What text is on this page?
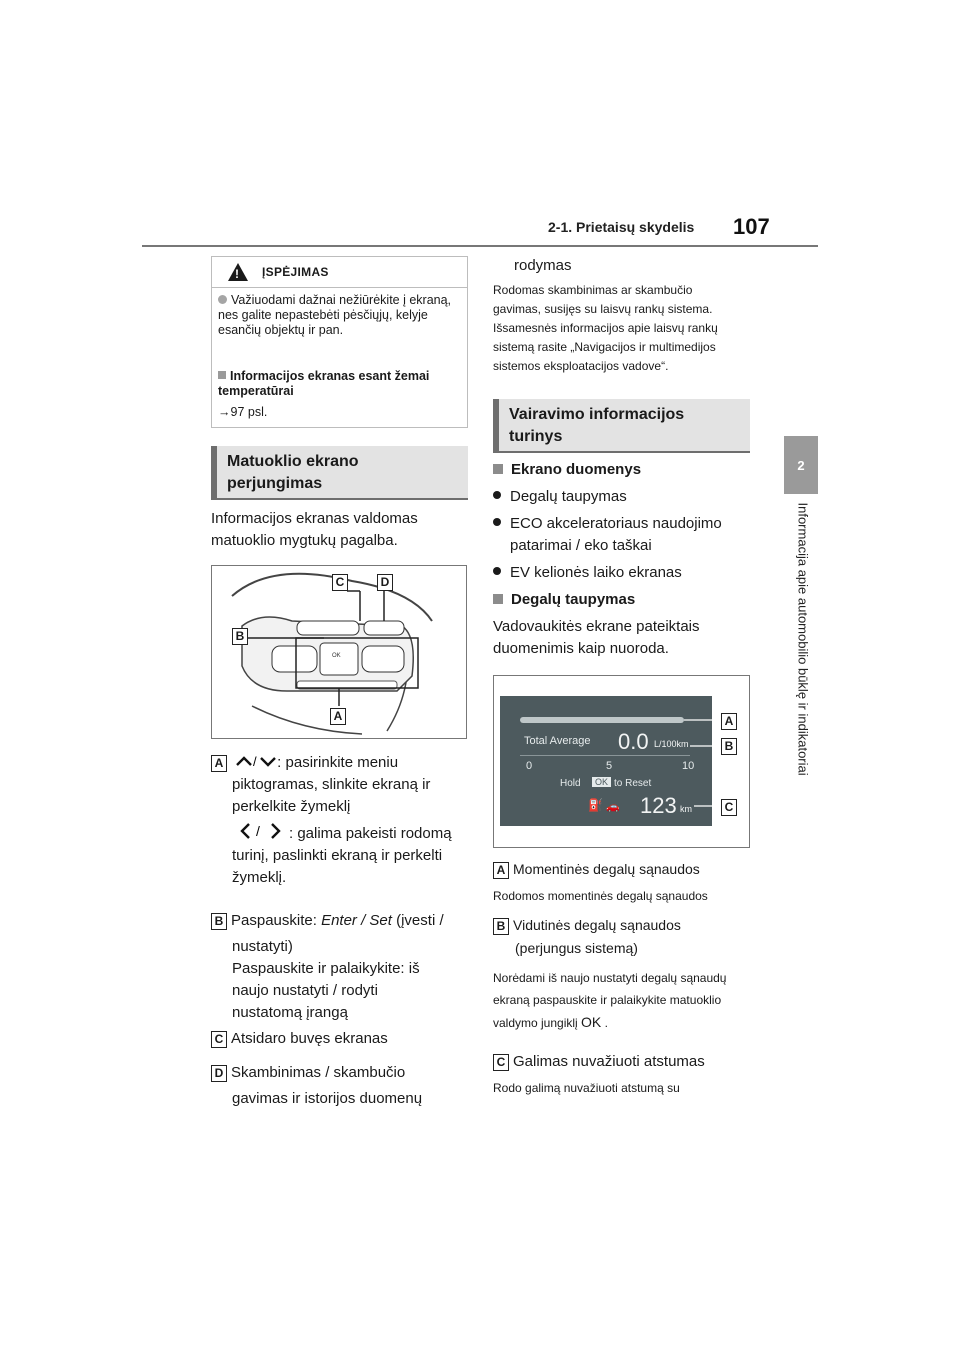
2-1. Prietaisų skydelis 107
2
Informacija apie automobilio būklę ir indikatoriai
!
ĮSPĖJIMAS
Važiuodami dažnai nežiūrėkite į ekraną, nes galite nepastebėti pėsčiųjų, kelyje esančių objektų ir pan.
Informacijos ekranas esant žemai temperatūrai
→97 psl.
Matuoklio ekrano
perjungimas
Informacijos ekranas valdomas
matuoklio mygtukų pagalba.
C	D
B
A
OK
A / : pasirinkite meniu
piktogramas, slinkite ekraną ir
perkelkite žymeklį
/ : galima pakeisti rodomą
turinį, paslinkti ekraną ir perkelti
žymeklį.
B Paspauskite: Enter / Set (įvesti /
nustatyti)
Paspauskite ir palaikykite: iš
naujo nustatyti / rodyti
nustatomą įrangą
C Atsidaro buvęs ekranas
D Skambinimas / skambučio
gavimas ir istorijos duomenų
rodymas
Rodomas skambinimas ar skambučio
gavimas, susijęs su laisvų rankų sistema.
Išsamesnės informacijos apie laisvų rankų
sistemą rasite „Navigacijos ir multimedijos
sistemos eksploatacijos vadove“.
Vairavimo informacijos
turinys
Ekrano duomenys
Degalų taupymas
ECO akceleratoriaus naudojimo
patarimai / eko taškai
EV kelionės laiko ekranas
Degalų taupymas
Vadovaukitės ekrane pateiktais
duomenimis kaip nuoroda.
Total Average 0.0 L/100km
0	5	10
Hold	OK to Reset
⛽ 🚗 123 km
A
B
C
A Momentinės degalų sąnaudos
Rodomos momentinės degalų sąnaudos
B Vidutinės degalų sąnaudos
(perjungus sistemą)
Norėdami iš naujo nustatyti degalų sąnaudų
ekraną paspauskite ir palaikykite matuoklio
valdymo jungiklį OK .
C Galimas nuvažiuoti atstumas
Rodo galimą nuvažiuoti atstumą su
